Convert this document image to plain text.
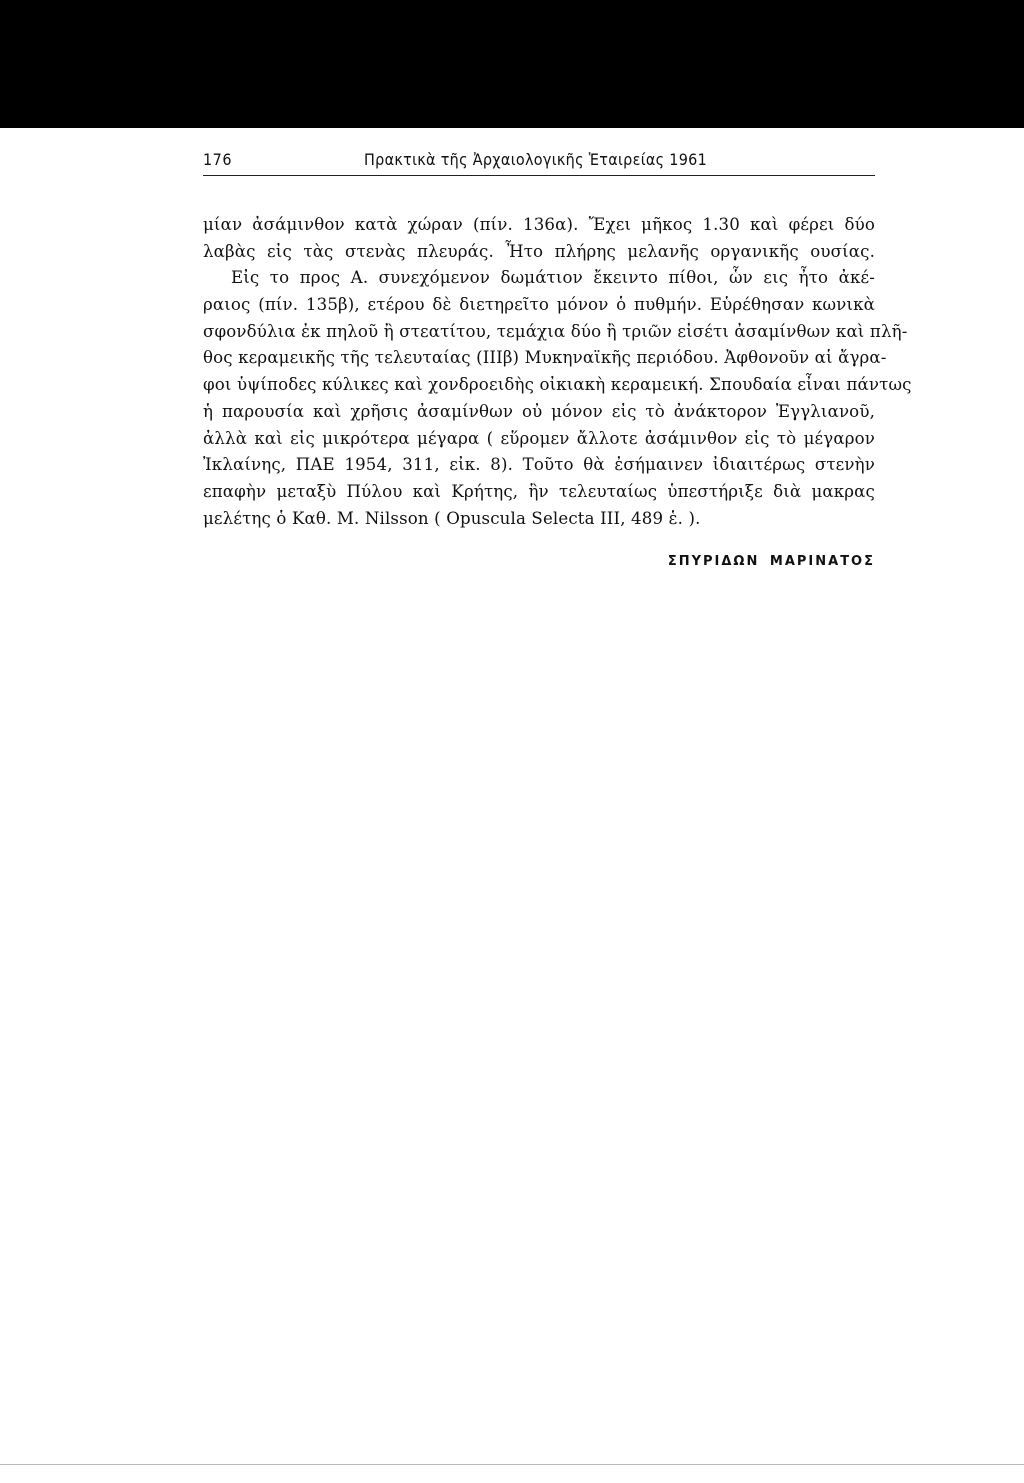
176	Πρακτικὰ τῆς Ἀρχαιολογικῆς Ἑταιρείας 1961
μίαν ἀσάμινθον κατὰ χώραν (πίν. 136α). Ἔχει μῆκος 1.30 καὶ φέρει δύο
λαβὰς εἰς τὰς στενὰς πλευράς. Ἦτο πλήρης μελανῆς οργανικῆς ουσίας.
Εἰς το προς Α. συνεχόμενον δωμάτιον ἔκειντο πίθοι, ὧν εις ἦτο ἀκέ-
ραιος (πίν. 135β), ετέρου δὲ διετηρεῖτο μόνον ὁ πυθμήν. Εὑρέθησαν κωνικὰ
σφονδύλια ἐκ πηλοῦ ἢ στεατίτου, τεμάχια δύο ἢ τριῶν εἰσέτι ἀσαμίνθων καὶ πλῆ-
θος κεραμεικῆς τῆς τελευταίας (ΙΙΙβ) Μυκηναϊκῆς περιόδου. Ἀφθονοῦν αἱ ἄγρα-
φοι ὑψίποδες κύλικες καὶ χονδροειδὴς οἰκιακὴ κεραμεική. Σπουδαία εἶναι πάντως
ἡ παρουσία καὶ χρῆσις ἀσαμίνθων οὐ μόνον εἰς τὸ ἀνάκτορον Ἐγγλιανοῦ,
ἀλλὰ καὶ εἰς μικρότερα μέγαρα ( εὕρομεν ἄλλοτε ἀσάμινθον εἰς τὸ μέγαρον
Ἰκλαίνης, ΠΑΕ 1954, 311, εἰκ. 8). Τοῦτο θὰ ἐσήμαινεν ἰδιαιτέρως στενὴν
επαφὴν μεταξὺ Πύλου καὶ Κρήτης, ἣν τελευταίως ὑπεστήριξε διὰ μακρας
μελέτης ὁ Καθ. Μ. Nilsson ( Opuscula Selecta III, 489 ἑ. ).
ΣΠΥΡΙΔΩΝ ΜΑΡΙΝΑΤΟΣ
